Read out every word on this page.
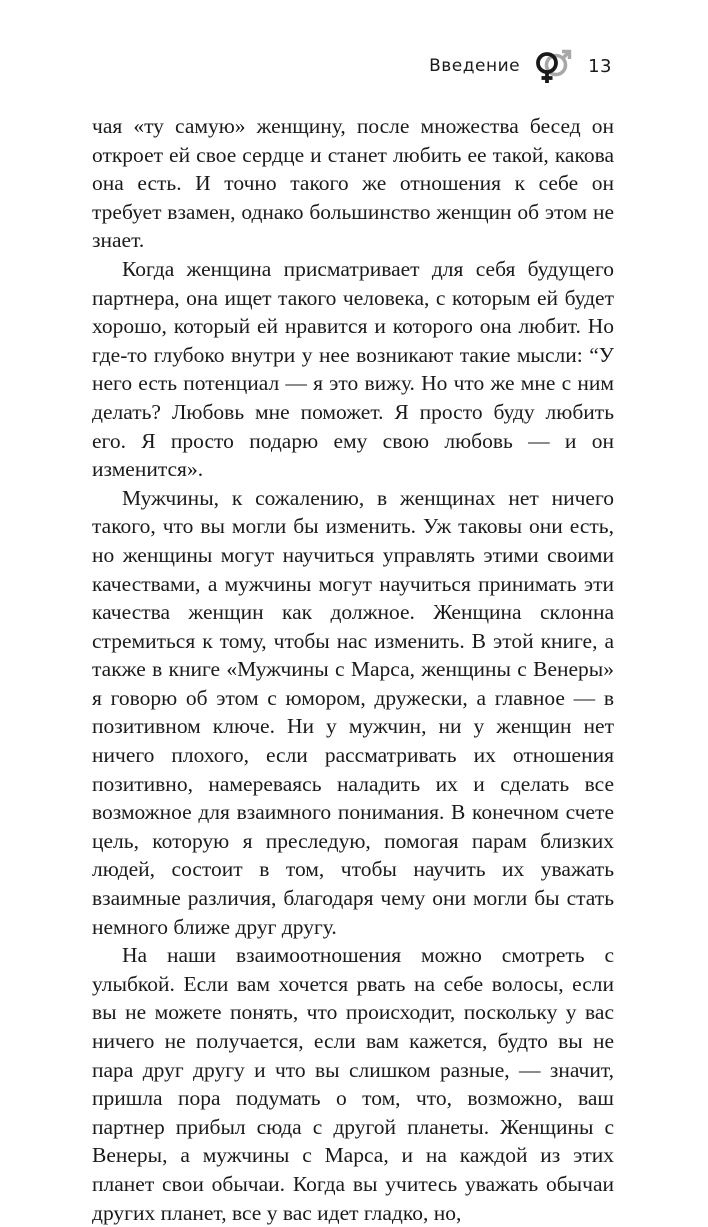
Введение	13

чая «ту самую» женщину, после множества бесед он откроет ей свое сердце и станет любить ее такой, какова она есть. И точно такого же отношения к себе он требует взамен, однако большинство женщин об этом не знает.

Когда женщина присматривает для себя будущего партнера, она ищет такого человека, с которым ей будет хорошо, который ей нравится и которого она любит. Но где-то глубоко внутри у нее возникают такие мысли: “У него есть потенциал — я это вижу. Но что же мне с ним делать? Любовь мне поможет. Я просто буду любить его. Я просто подарю ему свою любовь — и он изменится».

Мужчины, к сожалению, в женщинах нет ничего такого, что вы могли бы изменить. Уж таковы они есть, но женщины могут научиться управлять этими своими качествами, а мужчины могут научиться принимать эти качества женщин как должное. Женщина склонна стремиться к тому, чтобы нас изменить. В этой книге, а также в книге «Мужчины с Марса, женщины с Венеры» я говорю об этом с юмором, дружески, а главное — в позитивном ключе. Ни у мужчин, ни у женщин нет ничего плохого, если рассматривать их отношения позитивно, намереваясь наладить их и сделать все возможное для взаимного понимания. В конечном счете цель, которую я преследую, помогая парам близких людей, состоит в том, чтобы научить их уважать взаимные различия, благодаря чему они могли бы стать немного ближе друг другу.

На наши взаимоотношения можно смотреть с улыбкой. Если вам хочется рвать на себе волосы, если вы не можете понять, что происходит, поскольку у вас ничего не получается, если вам кажется, будто вы не пара друг другу и что вы слишком разные, — значит, пришла пора подумать о том, что, возможно, ваш партнер прибыл сюда с другой планеты. Женщины с Венеры, а мужчины с Марса, и на каждой из этих планет свои обычаи. Когда вы учитесь уважать обычаи других планет, все у вас идет гладко, но,
